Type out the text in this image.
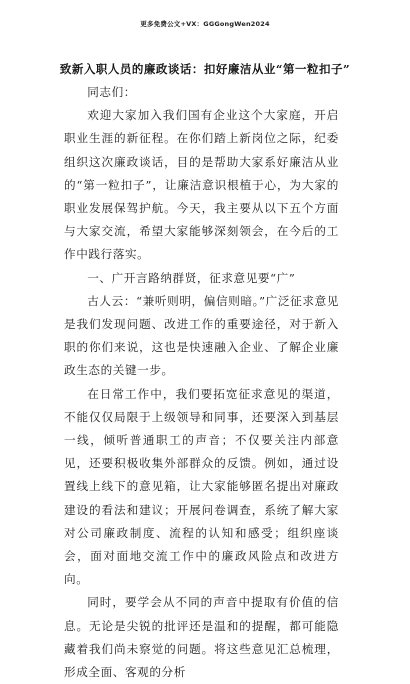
更多免费公文+VX：GGGongWen2024
致新入职人员的廉政谈话：扣好廉洁从业“第一粒扣子”

同志们：

欢迎大家加入我们国有企业这个大家庭，开启职业生涯的新征程。在你们踏上新岗位之际，纪委组织这次廉政谈话，目的是帮助大家系好廉洁从业的“第一粒扣子”，让廉洁意识根植于心，为大家的职业发展保驾护航。今天，我主要从以下五个方面与大家交流，希望大家能够深刻领会，在今后的工作中践行落实。

一、广开言路纳群贤，征求意见要“广”

古人云：“兼听则明，偏信则暗。”广泛征求意见是我们发现问题、改进工作的重要途径，对于新入职的你们来说，这也是快速融入企业、了解企业廉政生态的关键一步。

在日常工作中，我们要拓宽征求意见的渠道，不能仅仅局限于上级领导和同事，还要深入到基层一线，倾听普通职工的声音；不仅要关注内部意见，还要积极收集外部群众的反馈。例如，通过设置线上线下的意见箱，让大家能够匿名提出对廉政建设的看法和建议；开展问卷调查，系统了解大家对公司廉政制度、流程的认知和感受；组织座谈会，面对面地交流工作中的廉政风险点和改进方向。

同时，要学会从不同的声音中提取有价值的信息。无论是尖锐的批评还是温和的提醒，都可能隐藏着我们尚未察觉的问题。将这些意见汇总梳理，形成全面、客观的分析
